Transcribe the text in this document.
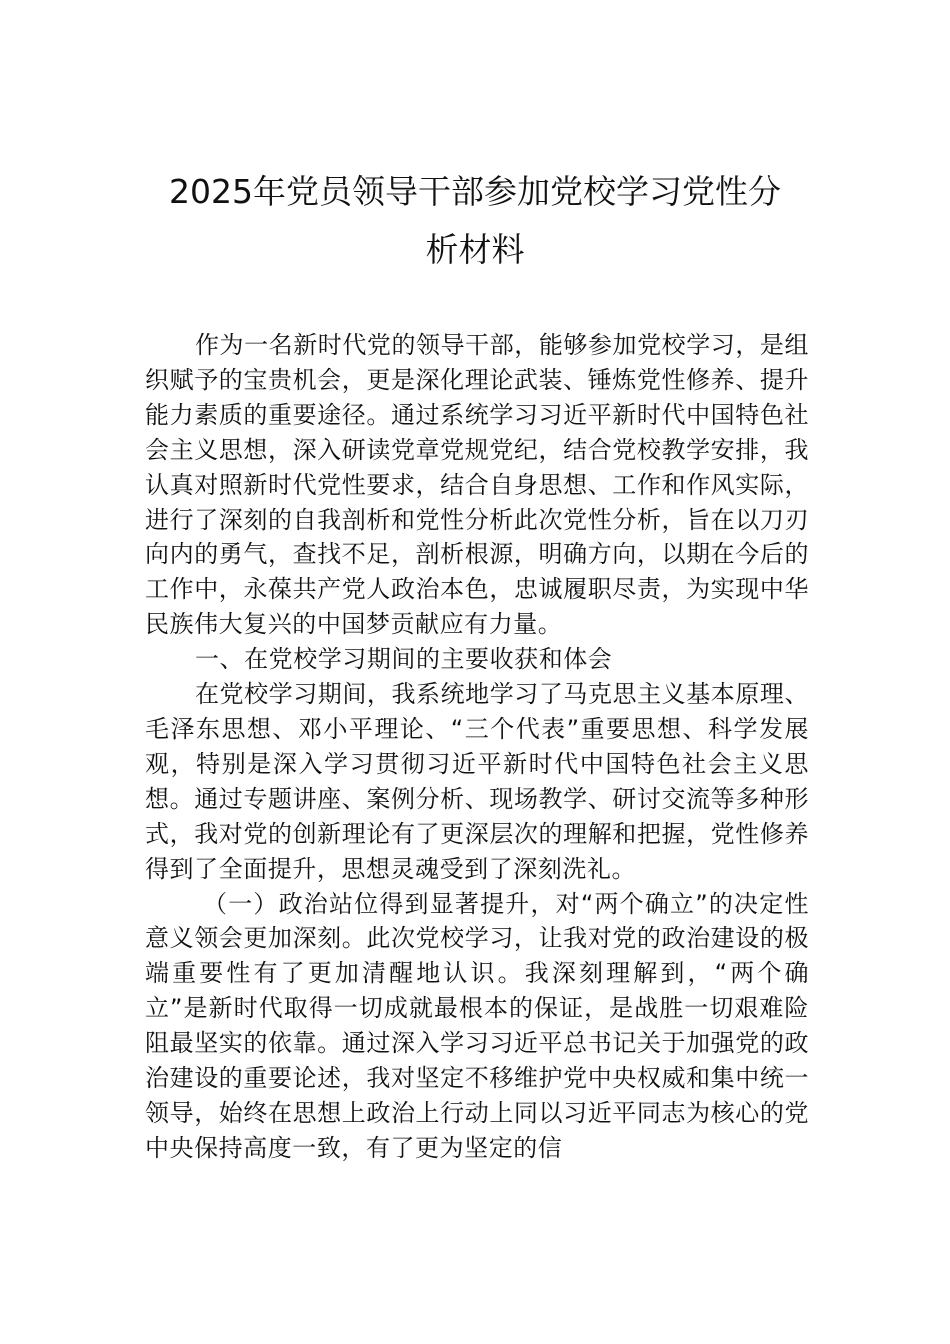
2025年党员领导干部参加党校学习党性分
析材料

作为一名新时代党的领导干部，能够参加党校学习，是组织赋予的宝贵机会，更是深化理论武装、锤炼党性修养、提升能力素质的重要途径。通过系统学习习近平新时代中国特色社会主义思想，深入研读党章党规党纪，结合党校教学安排，我认真对照新时代党性要求，结合自身思想、工作和作风实际，进行了深刻的自我剖析和党性分析此次党性分析，旨在以刀刃向内的勇气，查找不足，剖析根源，明确方向，以期在今后的工作中，永葆共产党人政治本色，忠诚履职尽责，为实现中华民族伟大复兴的中国梦贡献应有力量。

一、在党校学习期间的主要收获和体会

在党校学习期间，我系统地学习了马克思主义基本原理、毛泽东思想、邓小平理论、“三个代表”重要思想、科学发展观，特别是深入学习贯彻习近平新时代中国特色社会主义思想。通过专题讲座、案例分析、现场教学、研讨交流等多种形式，我对党的创新理论有了更深层次的理解和把握，党性修养得到了全面提升，思想灵魂受到了深刻洗礼。

（一）政治站位得到显著提升，对“两个确立”的决定性意义领会更加深刻。此次党校学习，让我对党的政治建设的极端重要性有了更加清醒地认识。我深刻理解到，“两个确立”是新时代取得一切成就最根本的保证，是战胜一切艰难险阻最坚实的依靠。通过深入学习习近平总书记关于加强党的政治建设的重要论述，我对坚定不移维护党中央权威和集中统一领导，始终在思想上政治上行动上同以习近平同志为核心的党中央保持高度一致，有了更为坚定的信
